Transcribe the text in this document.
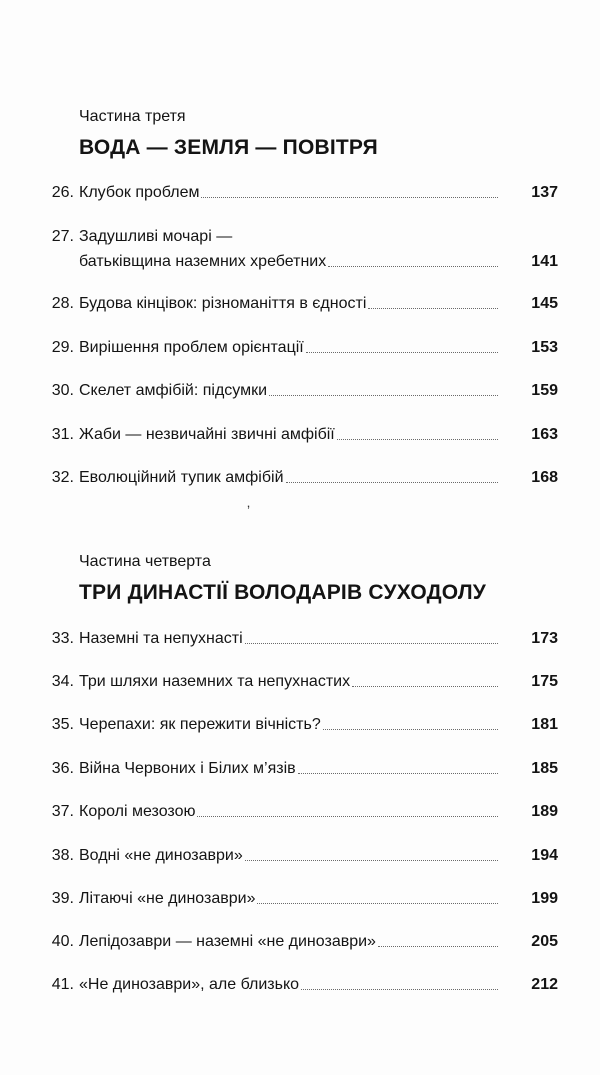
Частина третя

ВОДА — ЗЕМЛЯ — ПОВІТРЯ

26. Клубок проблем	137
27. Задушливі мочарі —
батьківщина наземних хребетних	141
28. Будова кінцівок: різноманіття в єдності	145
29. Вирішення проблем орієнтації	153
30. Скелет амфібій: підсумки	159
31. Жаби — незвичайні звичні амфібії	163
32. Еволюційний тупик амфібій	168
ʼ

Частина четверта

ТРИ ДИНАСТІЇ ВОЛОДАРІВ СУХОДОЛУ

33. Наземні та непухнасті	173
34. Три шляхи наземних та непухнастих	175
35. Черепахи: як пережити вічність?	181
36. Війна Червоних і Білих м’язів	185
37. Королі мезозою	189
38. Водні «не динозаври»	194
39. Літаючі «не динозаври»	199
40. Лепідозаври — наземні «не динозаври»	205
41. «Не динозаври», але близько	212
